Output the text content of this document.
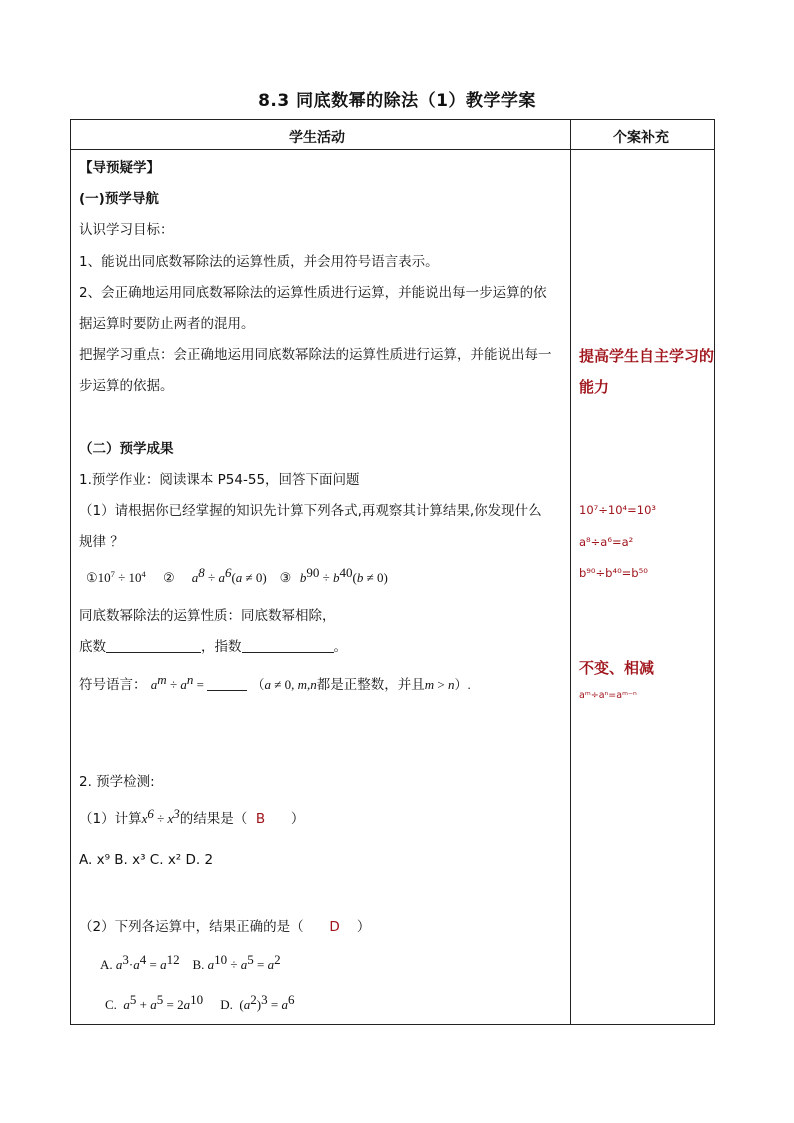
8.3 同底数幂的除法（1）教学学案
学生活动	个案补充
【导预疑学】
(一)预学导航
认识学习目标：
1、能说出同底数幂除法的运算性质，并会用符号语言表示。
2、会正确地运用同底数幂除法的运算性质进行运算，并能说出每一步运算的依
据运算时要防止两者的混用。
把握学习重点：会正确地运用同底数幂除法的运算性质进行运算，并能说出每一
步运算的依据。
（二）预学成果
1.预学作业：阅读课本 P54-55，回答下面问题
（1）请根据你已经掌握的知识先计算下列各式,再观察其计算结果,你发现什么
规律 ？
$①10^7 \div 10^4$ ② $a^8 \div a^6(a \ne 0)$ ③ $b^{90} \div b^{40}(b \ne 0)$
同底数幂除法的运算性质：同底数幂相除，
底数	，指数	。
符号语言： $a^m \div a^n$ =	（a ≠ 0, m,n都是正整数，并且m > n）.
2. 预学检测:
（1）计算$x^6 \div x^3$的结果是（ B ）
A. x⁹ B. x³ C. x² D. 2
（2）下列各运算中，结果正确的是（ D ）
A. $a^3\cdot a^4 = a^{12}$ B. $a^{10} \div a^5 = a^2$
C.  $a^5 + a^5 = 2a^{10}$ D.  $(a^2)^3 = a^6$
提高学生自主学习的
能力
10⁷÷10⁴=10³
a⁸÷a⁶=a²
b⁹⁰÷b⁴⁰=b⁵⁰
不变、相减
aᵐ÷aⁿ=aᵐ⁻ⁿ
